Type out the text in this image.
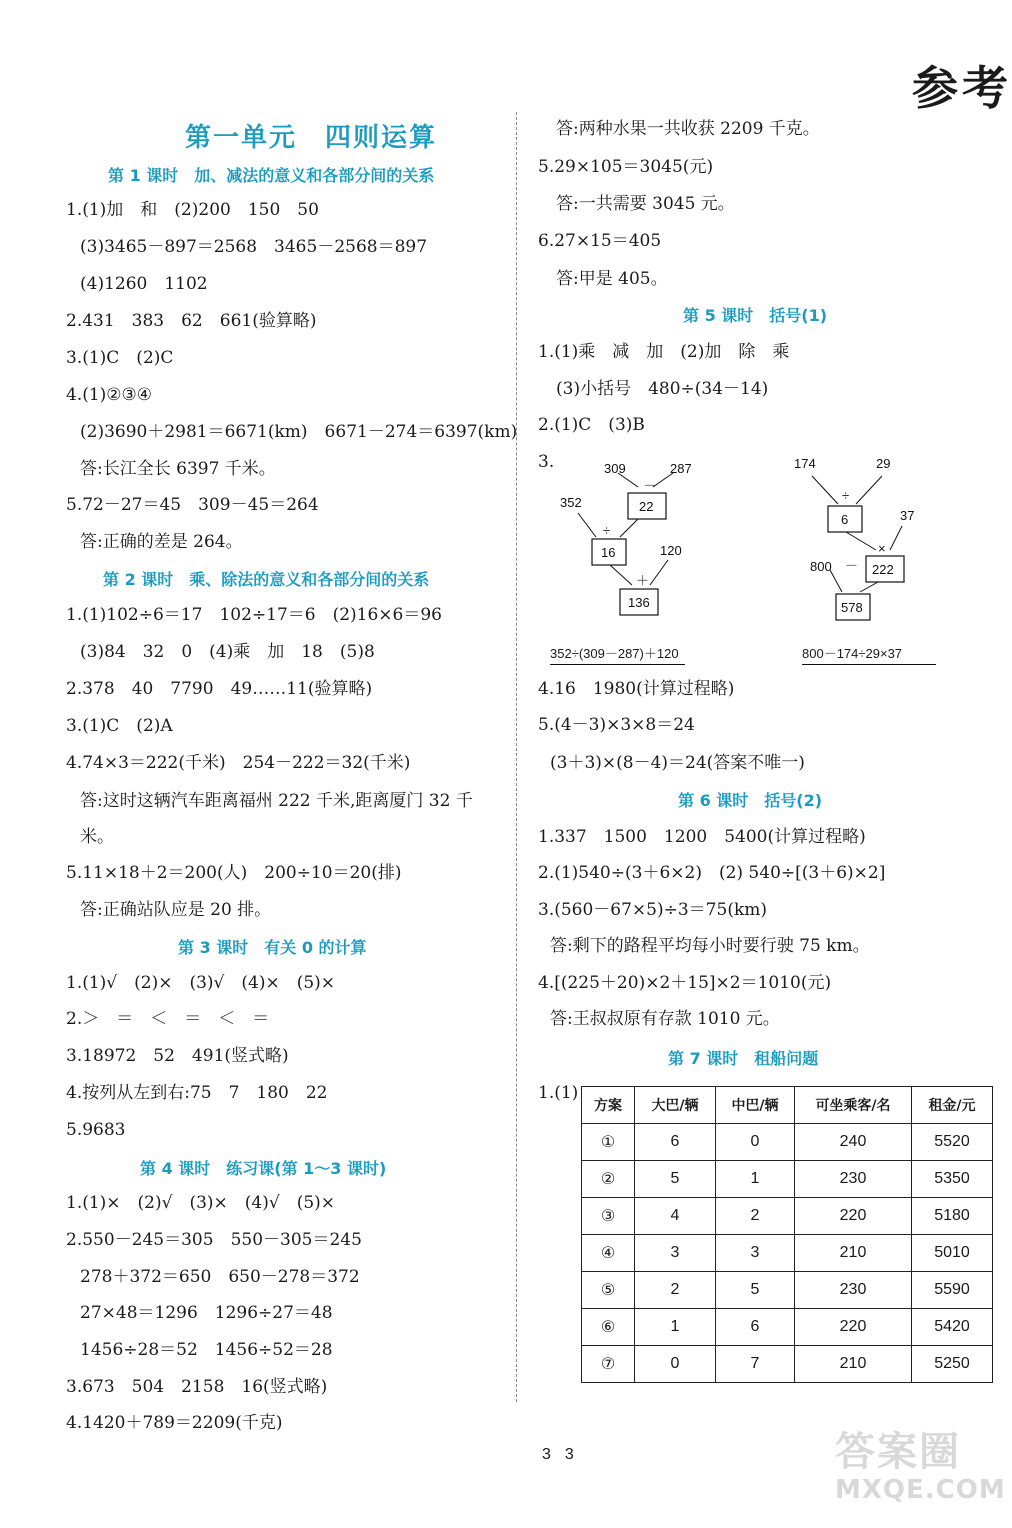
参考
第一单元　四则运算
第 1 课时　加、减法的意义和各部分间的关系
1.(1)加　和　(2)200　150　50
(3)3465－897＝2568　3465－2568＝897
(4)1260　1102
2.431　383　62　661(验算略)
3.(1)C　(2)C
4.(1)②③④
(2)3690＋2981＝6671(km)　6671－274＝6397(km)
答:长江全长 6397 千米。
5.72－27＝45　309－45＝264
答:正确的差是 264。
第 2 课时　乘、除法的意义和各部分间的关系
1.(1)102÷6＝17　102÷17＝6　(2)16×6＝96
(3)84　32　0　(4)乘　加　18　(5)8
2.378　40　7790　49……11(验算略)
3.(1)C　(2)A
4.74×3＝222(千米)　254－222＝32(千米)
答:这时这辆汽车距离福州 222 千米,距离厦门 32 千
米。
5.11×18＋2＝200(人)　200÷10＝20(排)
答:正确站队应是 20 排。
第 3 课时　有关 0 的计算
1.(1)√　(2)×　(3)√　(4)×　(5)×
2.＞　＝　＜　＝　＜　＝
3.18972　52　491(竖式略)
4.按列从左到右:75　7　180　22
5.9683
第 4 课时　练习课(第 1～3 课时)
1.(1)×　(2)√　(3)×　(4)√　(5)×
2.550－245＝305　550－305＝245
278＋372＝650　650－278＝372
27×48＝1296　1296÷27＝48
1456÷28＝52　1456÷52＝28
3.673　504　2158　16(竖式略)
4.1420＋789＝2209(千克)
答:两种水果一共收获 2209 千克。
5.29×105＝3045(元)
答:一共需要 3045 元。
6.27×15＝405
答:甲是 405。
第 5 课时　括号(1)
1.(1)乘　减　加　(2)加　除　乘
(3)小括号　480÷(34－14)
2.(1)C　(3)B
3.
4.16　1980(计算过程略)
5.(4－3)×3×8＝24
(3＋3)×(8－4)＝24(答案不唯一)
第 6 课时　括号(2)
1.337　1500　1200　5400(计算过程略)
2.(1)540÷(3＋6×2)　(2) 540÷[(3＋6)×2]
3.(560－67×5)÷3＝75(km)
答:剩下的路程平均每小时要行驶 75 km。
4.[(225＋20)×2＋15]×2＝1010(元)
答:王叔叔原有存款 1010 元。
第 7 课时　租船问题
1.(1)
309	287
－
22
352
÷
16	120
＋
136
352÷(309－287)＋120
174	29
÷
6	37
×
222
800 －
578
800－174÷29×37
方案	大巴/辆	中巴/辆	可坐乘客/名	租金/元
①	6	0	240	5520
②	5	1	230	5350
③	4	2	220	5180
④	3	3	210	5010
⑤	2	5	230	5590
⑥	1	6	220	5420
⑦	0	7	210	5250
33	答案圈
MXQE.COM
